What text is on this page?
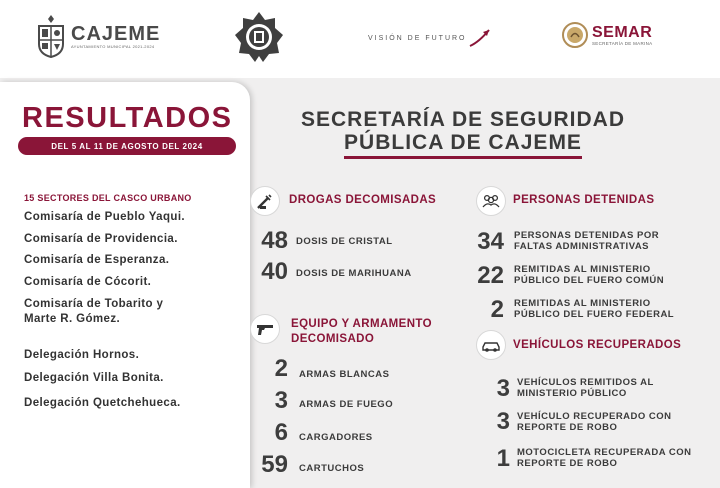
CAJEME
AYUNTAMIENTO MUNICIPAL 2021-2024
VISIÓN DE FUTURO	SEMAR
SECRETARÍA DE MARINA
RESULTADOS
DEL 5 AL 11 DE AGOSTO DEL 2024
15 SECTORES DEL CASCO URBANO
Comisaría de Pueblo Yaqui.
Comisaría de Providencia.
Comisaría de Esperanza.
Comisaría de Cócorit.
Comisaría de Tobarito y
Marte R. Gómez.
Delegación Hornos.
Delegación Villa Bonita.
Delegación Quetchehueca.
SECRETARÍA DE SEGURIDAD
PÚBLICA DE CAJEME
DROGAS DECOMISADAS
48 DOSIS DE CRISTAL
40 DOSIS DE MARIHUANA
EQUIPO Y ARMAMENTO
DECOMISADO
2 ARMAS BLANCAS
3 ARMAS DE FUEGO
6 CARGADORES
59 CARTUCHOS
PERSONAS DETENIDAS
34 PERSONAS DETENIDAS POR
FALTAS ADMINISTRATIVAS
22 REMITIDAS AL MINISTERIO
PÚBLICO DEL FUERO COMÚN
2 REMITIDAS AL MINISTERIO
PÚBLICO DEL FUERO FEDERAL
VEHÍCULOS RECUPERADOS
3 VEHÍCULOS REMITIDOS AL
MINISTERIO PÚBLICO
3 VEHÍCULO RECUPERADO CON
REPORTE DE ROBO
1 MOTOCICLETA RECUPERADA CON
REPORTE DE ROBO
